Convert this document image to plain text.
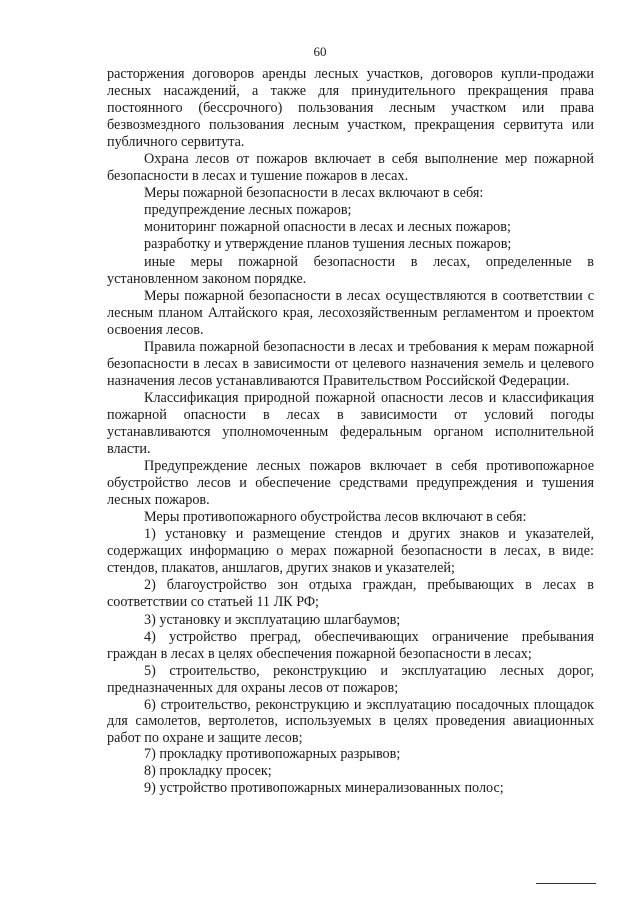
60

расторжения договоров аренды лесных участков, договоров купли-продажи лесных насаждений, а также для принудительного прекращения права постоянного (бессрочного) пользования лесным участком или права безвозмездного пользования лесным участком, прекращения сервитута или публичного сервитута.

Охрана лесов от пожаров включает в себя выполнение мер пожарной безопасности в лесах и тушение пожаров в лесах.

Меры пожарной безопасности в лесах включают в себя:

предупреждение лесных пожаров;

мониторинг пожарной опасности в лесах и лесных пожаров;

разработку и утверждение планов тушения лесных пожаров;

иные меры пожарной безопасности в лесах, определенные в установленном законом порядке.

Меры пожарной безопасности в лесах осуществляются в соответствии с лесным планом Алтайского края, лесохозяйственным регламентом и проектом освоения лесов.

Правила пожарной безопасности в лесах и требования к мерам пожарной безопасности в лесах в зависимости от целевого назначения земель и целевого назначения лесов устанавливаются Правительством Российской Федерации.

Классификация природной пожарной опасности лесов и классификация пожарной опасности в лесах в зависимости от условий погоды устанавливаются уполномоченным федеральным органом исполнительной власти.

Предупреждение лесных пожаров включает в себя противопожарное обустройство лесов и обеспечение средствами предупреждения и тушения лесных пожаров.

Меры противопожарного обустройства лесов включают в себя:

1) установку и размещение стендов и других знаков и указателей, содержащих информацию о мерах пожарной безопасности в лесах, в виде: стендов, плакатов, аншлагов, других знаков и указателей;

2) благоустройство зон отдыха граждан, пребывающих в лесах в соответствии со статьей 11 ЛК РФ;

3) установку и эксплуатацию шлагбаумов;

4) устройство преград, обеспечивающих ограничение пребывания граждан в лесах в целях обеспечения пожарной безопасности в лесах;

5) строительство, реконструкцию и эксплуатацию лесных дорог, предназначенных для охраны лесов от пожаров;

6) строительство, реконструкцию и эксплуатацию посадочных площадок для самолетов, вертолетов, используемых в целях проведения авиационных работ по охране и защите лесов;

7) прокладку противопожарных разрывов;

8) прокладку просек;

9) устройство противопожарных минерализованных полос;
